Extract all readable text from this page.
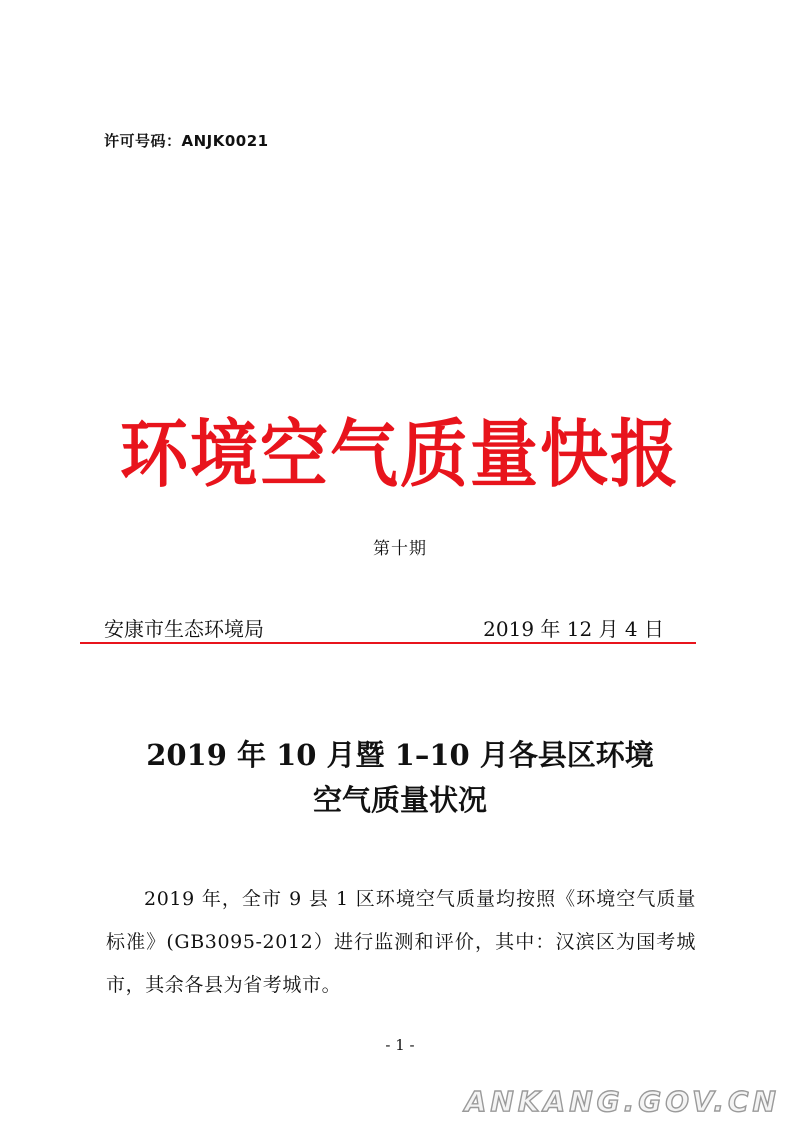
许可号码：ANJK0021
环境空气质量快报
第十期
安康市生态环境局	2019 年 12 月 4 日
2019 年 10 月暨 1–10 月各县区环境
空气质量状况
2019 年，全市 9 县 1 区环境空气质量均按照《环境空气质量标准》(GB3095-2012）进行监测和评价，其中：汉滨区为国考城市，其余各县为省考城市。
- 1 -
ANKANG.GOV.CN
